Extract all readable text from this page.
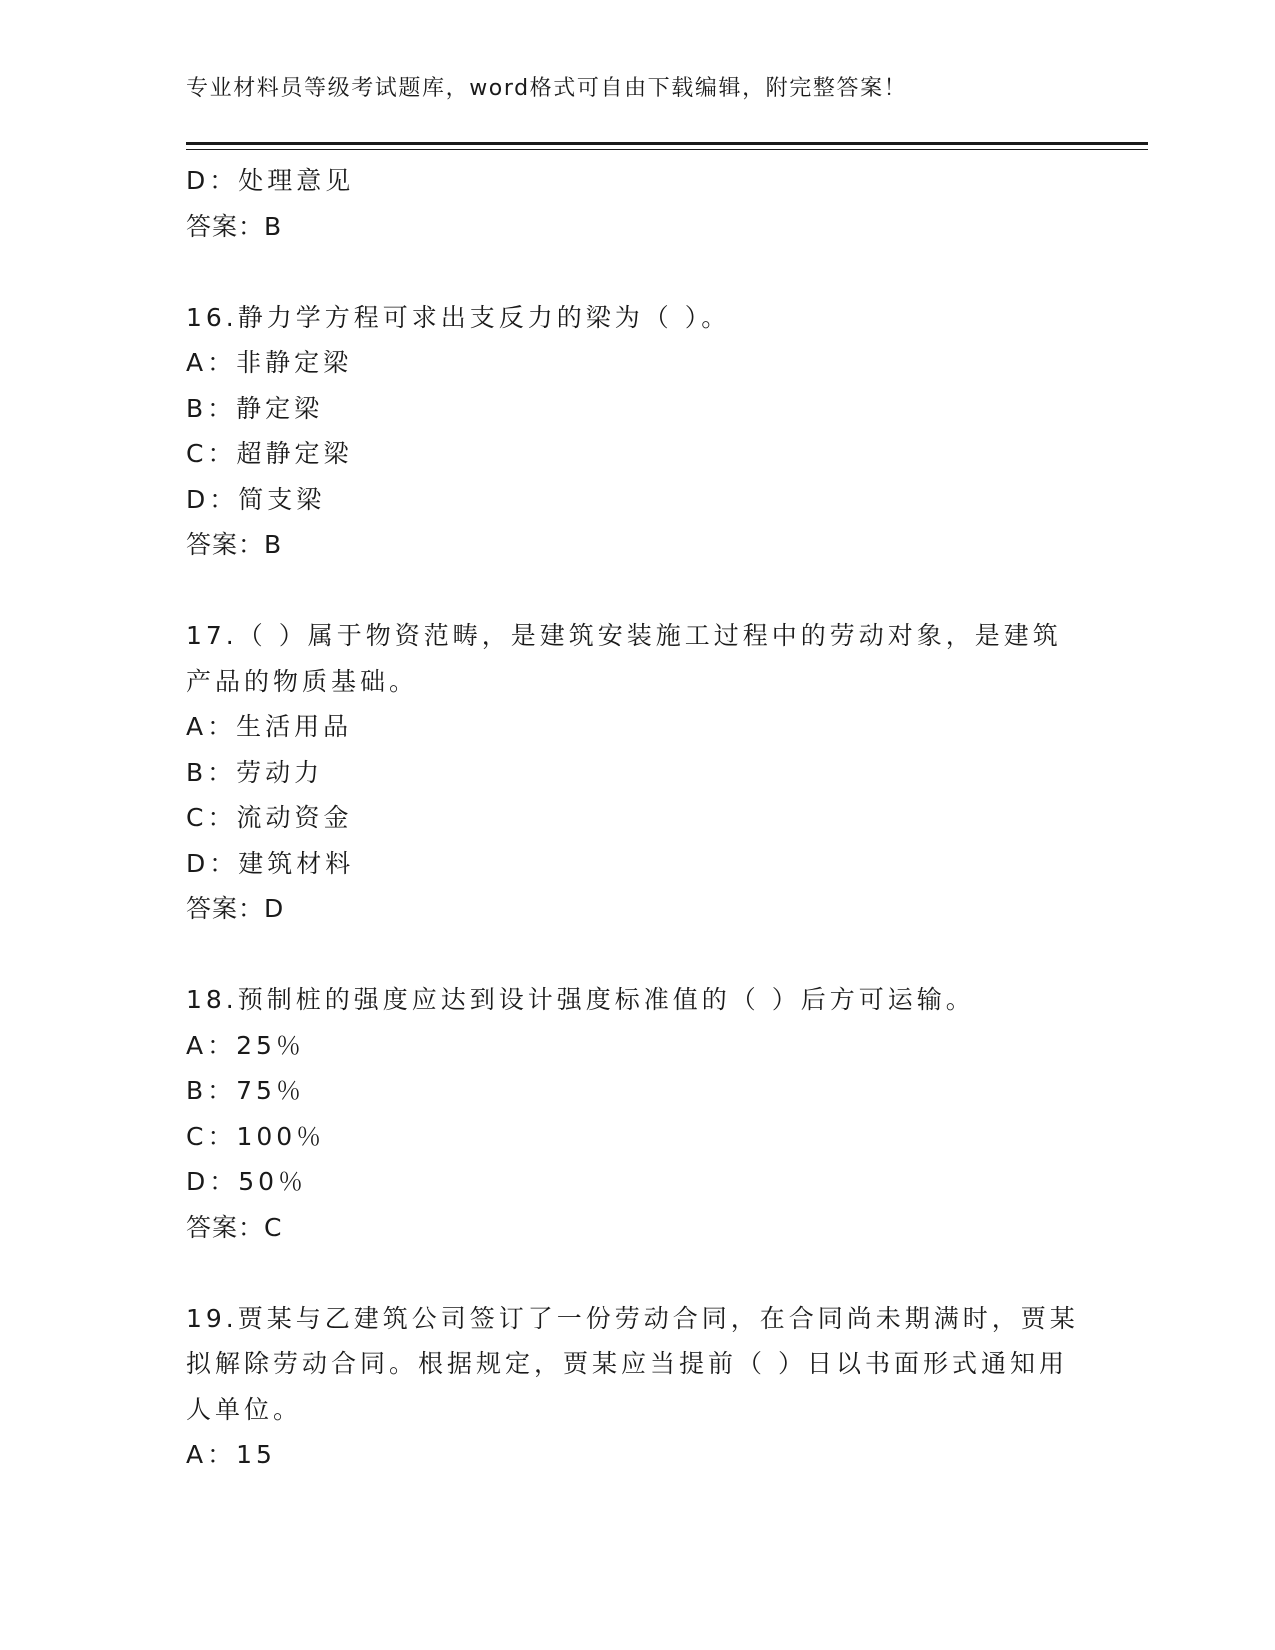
专业材料员等级考试题库，word格式可自由下载编辑，附完整答案！
D：处理意见
答案：B
16.静力学方程可求出支反力的梁为（ ）。
A：非静定梁
B：静定梁
C：超静定梁
D：简支梁
答案：B
17.（ ）属于物资范畴，是建筑安装施工过程中的劳动对象，是建筑
产品的物质基础。
A：生活用品
B：劳动力
C：流动资金
D：建筑材料
答案：D
18.预制桩的强度应达到设计强度标准值的（ ）后方可运输。
A：25％
B：75％
C：100％
D：50％
答案：C
19.贾某与乙建筑公司签订了一份劳动合同，在合同尚未期满时，贾某
拟解除劳动合同。根据规定，贾某应当提前（ ）日以书面形式通知用
人单位。
A：15
